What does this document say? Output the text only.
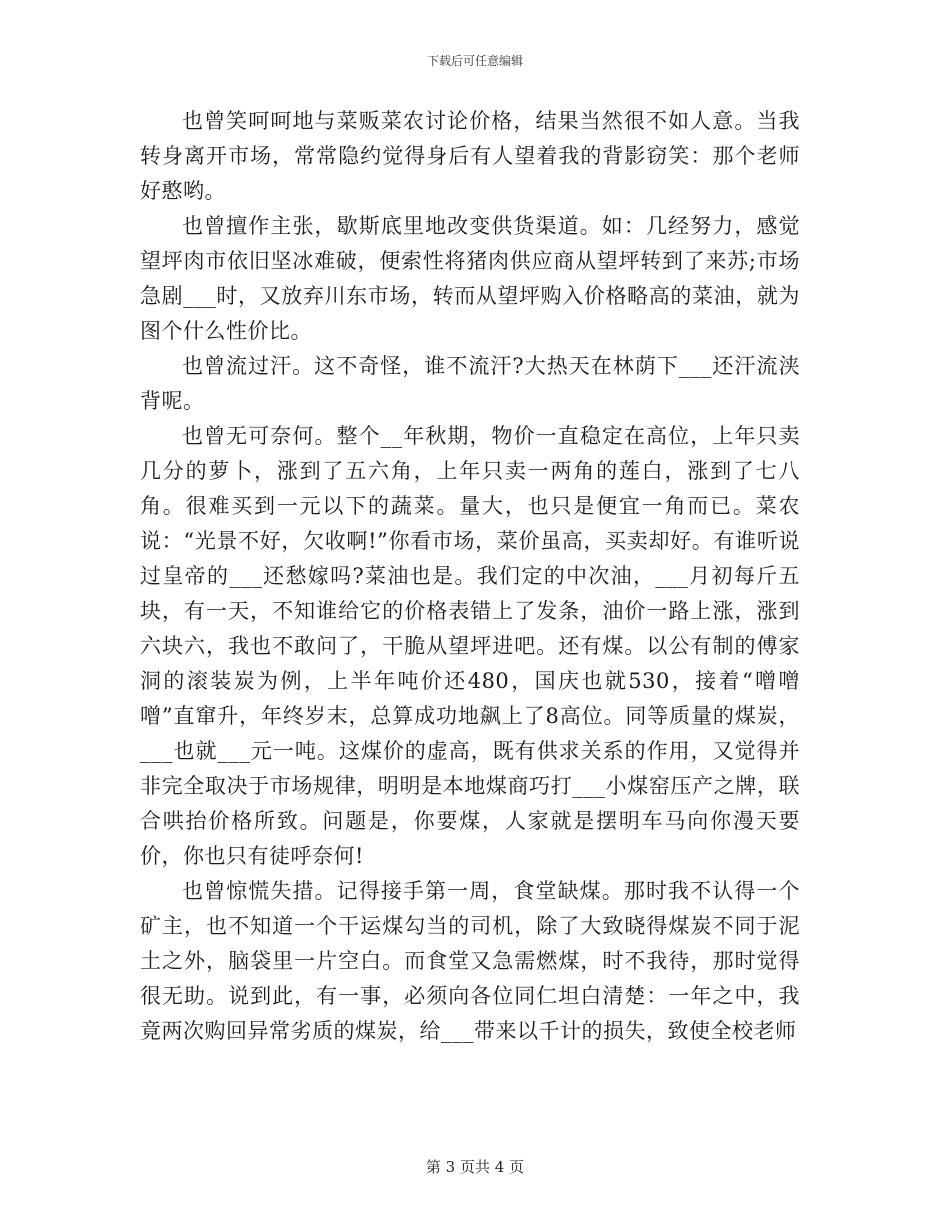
下载后可任意编辑

也曾笑呵呵地与菜贩菜农讨论价格，结果当然很不如人意。当我转身离开市场，常常隐约觉得身后有人望着我的背影窃笑：那个老师好憨哟。

也曾擅作主张，歇斯底里地改变供货渠道。如：几经努力，感觉望坪肉市依旧坚冰难破，便索性将猪肉供应商从望坪转到了来苏;市场急剧___时，又放弃川东市场，转而从望坪购入价格略高的菜油，就为图个什么性价比。

也曾流过汗。这不奇怪，谁不流汗?大热天在林荫下___还汗流浃背呢。

也曾无可奈何。整个__年秋期，物价一直稳定在高位，上年只卖几分的萝卜，涨到了五六角，上年只卖一两角的莲白，涨到了七八角。很难买到一元以下的蔬菜。量大，也只是便宜一角而已。菜农说：“光景不好，欠收啊!”你看市场，菜价虽高，买卖却好。有谁听说过皇帝的___还愁嫁吗?菜油也是。我们定的中次油，___月初每斤五块，有一天，不知谁给它的价格表错上了发条，油价一路上涨，涨到六块六，我也不敢问了，干脆从望坪进吧。还有煤。以公有制的傅家洞的滚装炭为例，上半年吨价还480，国庆也就530，接着“噌噌噌”直窜升，年终岁末，总算成功地飙上了8高位。同等质量的煤炭，___也就___元一吨。这煤价的虚高，既有供求关系的作用，又觉得并非完全取决于市场规律，明明是本地煤商巧打___小煤窑压产之牌，联合哄抬价格所致。问题是，你要煤，人家就是摆明车马向你漫天要价，你也只有徒呼奈何!

也曾惊慌失措。记得接手第一周，食堂缺煤。那时我不认得一个矿主，也不知道一个干运煤勾当的司机，除了大致晓得煤炭不同于泥土之外，脑袋里一片空白。而食堂又急需燃煤，时不我待，那时觉得很无助。说到此，有一事，必须向各位同仁坦白清楚：一年之中，我竟两次购回异常劣质的煤炭，给___带来以千计的损失，致使全校老师

第 3 页共 4 页
